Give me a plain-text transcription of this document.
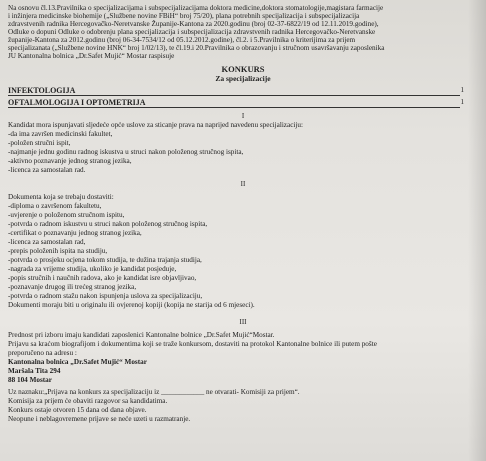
Na osnovu čl.13.Pravilnika o specijalizacijama i subspecijalizacijama doktora medicine,doktora stomatologije,magistara farmacije
i inžinjera medicinske biohemije („Službene novine FBiH“ broj 75/20), plana potrebnih specijalizacija i subspecijalizacija
zdravstvenih radnika Hercegovačko-Neretvanske Županije-Kantona za 2020.godinu (broj 02-37-6822/19 od 12.11.2019.godine),
Odluke o dopuni Odluke o odobrenju plana specijalizacija i subspecijalizacija zdravstvenih radnika Hercegovačko-Neretvanske
županije-Kantona za 2012.godinu (broj 06-34-7534/12 od 05.12.2012.godine), čl.2. i 5.Pravilnika o kriterijima za prijem
specijalizanata („Službene novine HNK“ broj 1/02/13), te čl.19.i 20.Pravilnika o obrazovanju i stručnom usavršavanju zaposlenika
JU Kantonalna bolnica „Dr.Safet Mujić“ Mostar raspisuje
KONKURS
Za specijalizacije
INFEKTOLOGIJA	1
OFTALMOLOGIJA I OPTOMETRIJA	1
I
Kandidat mora ispunjavati sljedeće opće uslove za sticanje prava na naprijed navedenu specijalizaciju:
-da ima završen medicinski fakultet,
-položen stručni ispit,
-najmanje jednu godinu radnog iskustva u struci nakon položenog stručnog ispita,
-aktivno poznavanje jednog stranog jezika,
-licenca za samostalan rad.
II
Dokumenta koja se trebaju dostaviti:
-diploma o završenom fakultetu,
-uvjerenje o položenom stručnom ispitu,
-potvrda o radnom iskustvu u struci nakon položenog stručnog ispita,
-certifikat o poznavanju jednog stranog jezika,
-licenca za samostalan rad,
-prepis položenih ispita na studiju,
-potvrda o prosjeku ocjena tokom studija, te dužina trajanja studija,
-nagrada za vrijeme studija, ukoliko je kandidat posjeduje,
-popis stručnih i naučnih radova, ako je kandidat isre objavljivao,
-poznavanje drugog ili trećeg stranog jezika,
-potvrda o radnom stažu nakon ispunjenja uslova za specijalizaciju,
Dokumenti moraju biti u originalu ili ovjerenoj kopiji (kopija ne starija od 6 mjeseci).
III
Prednost pri izboru imaju kandidati zaposlenici Kantonalne bolnice „Dr.Safet Mujić“Mostar.
Prijavu sa kraćom biografijom i dokumentima koji se traže konkursom, dostaviti na protokol Kantonalne bolnice ili putem pošte
preporučeno na adresu :
Kantonalna bolnica „Dr.Safet Mujić“ Mostar
Maršala Tita 294
88 104 Mostar
Uz naznaku:„Prijava na konkurs za specijalizaciju iz ____________ ne otvarati- Komisiji za prijem“.
Komisija za prijem će obaviti razgovor sa kandidatima.
Konkurs ostaje otvoren 15 dana od dana objave.
Neopune i neblagovremene prijave se neće uzeti u razmatranje.
